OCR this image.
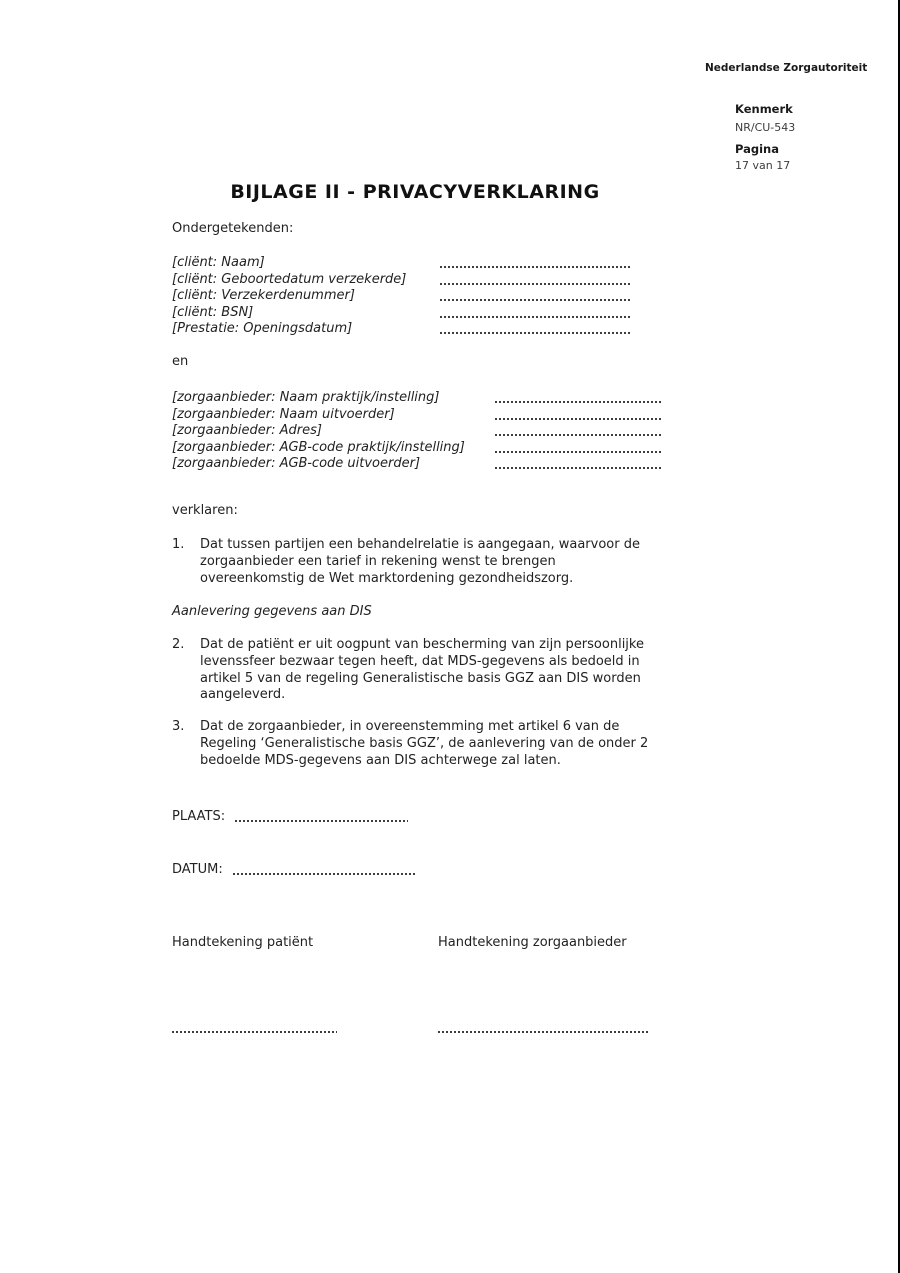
Nederlandse Zorgautoriteit
Kenmerk
NR/CU-543
Pagina
17 van 17
BIJLAGE II - PRIVACYVERKLARING
Ondergetekenden:
[cliënt: Naam]
[cliënt: Geboortedatum verzekerde]
[cliënt: Verzekerdenummer]
[cliënt: BSN]
[Prestatie: Openingsdatum]
en
[zorgaanbieder: Naam praktijk/instelling]
[zorgaanbieder: Naam uitvoerder]
[zorgaanbieder: Adres]
[zorgaanbieder: AGB-code praktijk/instelling]
[zorgaanbieder: AGB-code uitvoerder]
verklaren:
1. Dat tussen partijen een behandelrelatie is aangegaan, waarvoor de
zorgaanbieder een tarief in rekening wenst te brengen
overeenkomstig de Wet marktordening gezondheidszorg.
Aanlevering gegevens aan DIS
2. Dat de patiënt er uit oogpunt van bescherming van zijn persoonlijke
levenssfeer bezwaar tegen heeft, dat MDS-gegevens als bedoeld in
artikel 5 van de regeling Generalistische basis GGZ aan DIS worden
aangeleverd.
3. Dat de zorgaanbieder, in overeenstemming met artikel 6 van de
Regeling ‘Generalistische basis GGZ’, de aanlevering van de onder 2
bedoelde MDS-gegevens aan DIS achterwege zal laten.
PLAATS:
DATUM:
Handtekening patiënt	Handtekening zorgaanbieder
